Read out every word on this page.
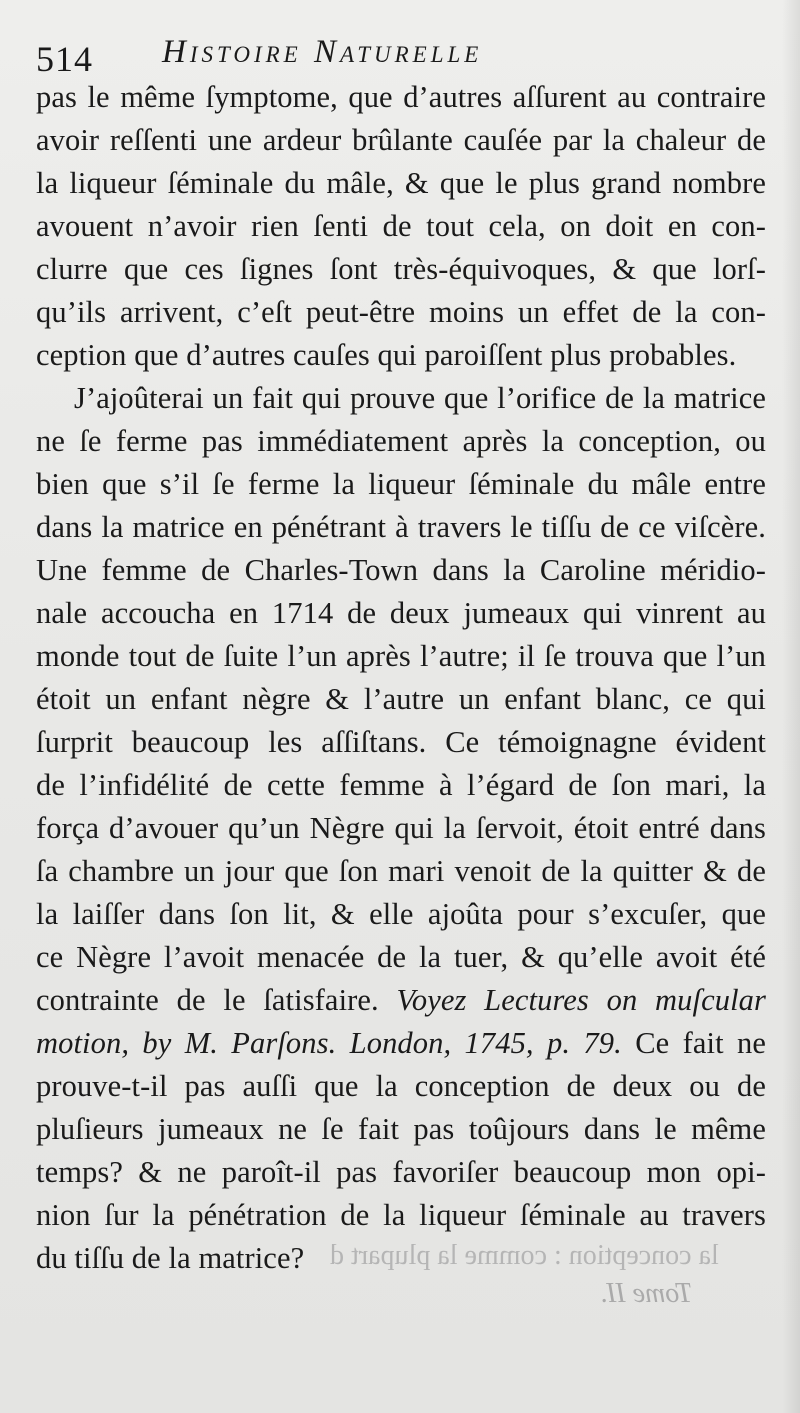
514 Histoire Naturelle
pas le même ſymptome, que d’autres aſſurent au contraire
avoir reſſenti une ardeur brûlante cauſée par la chaleur de
la liqueur ſéminale du mâle, & que le plus grand nombre
avouent n’avoir rien ſenti de tout cela, on doit en con-
clurre que ces ſignes ſont très-équivoques, & que lorſ-
qu’ils arrivent, c’eſt peut-être moins un effet de la con-
ception que d’autres cauſes qui paroiſſent plus probables.
J’ajoûterai un fait qui prouve que l’orifice de la matrice
ne ſe ferme pas immédiatement après la conception, ou
bien que s’il ſe ferme la liqueur ſéminale du mâle entre
dans la matrice en pénétrant à travers le tiſſu de ce viſcère.
Une femme de Charles-Town dans la Caroline méridio-
nale accoucha en 1714 de deux jumeaux qui vinrent au
monde tout de ſuite l’un après l’autre; il ſe trouva que l’un
étoit un enfant nègre & l’autre un enfant blanc, ce qui
ſurprit beaucoup les aſſiſtans. Ce témoignagne évident
de l’infidélité de cette femme à l’égard de ſon mari, la
força d’avouer qu’un Nègre qui la ſervoit, étoit entré dans
ſa chambre un jour que ſon mari venoit de la quitter & de
la laiſſer dans ſon lit, & elle ajoûta pour s’excuſer, que
ce Nègre l’avoit menacée de la tuer, & qu’elle avoit été
contrainte de le ſatisfaire. Voyez Lectures on muſcular
motion, by M. Parſons. London, 1745, p. 79. Ce fait ne
prouve-t-il pas auſſi que la conception de deux ou de
pluſieurs jumeaux ne ſe fait pas toûjours dans le même
temps? & ne paroît-il pas favoriſer beaucoup mon opi-
nion ſur la pénétration de la liqueur ſéminale au travers
du tiſſu de la matrice? la conception : comme la plupart d
Tome II.
